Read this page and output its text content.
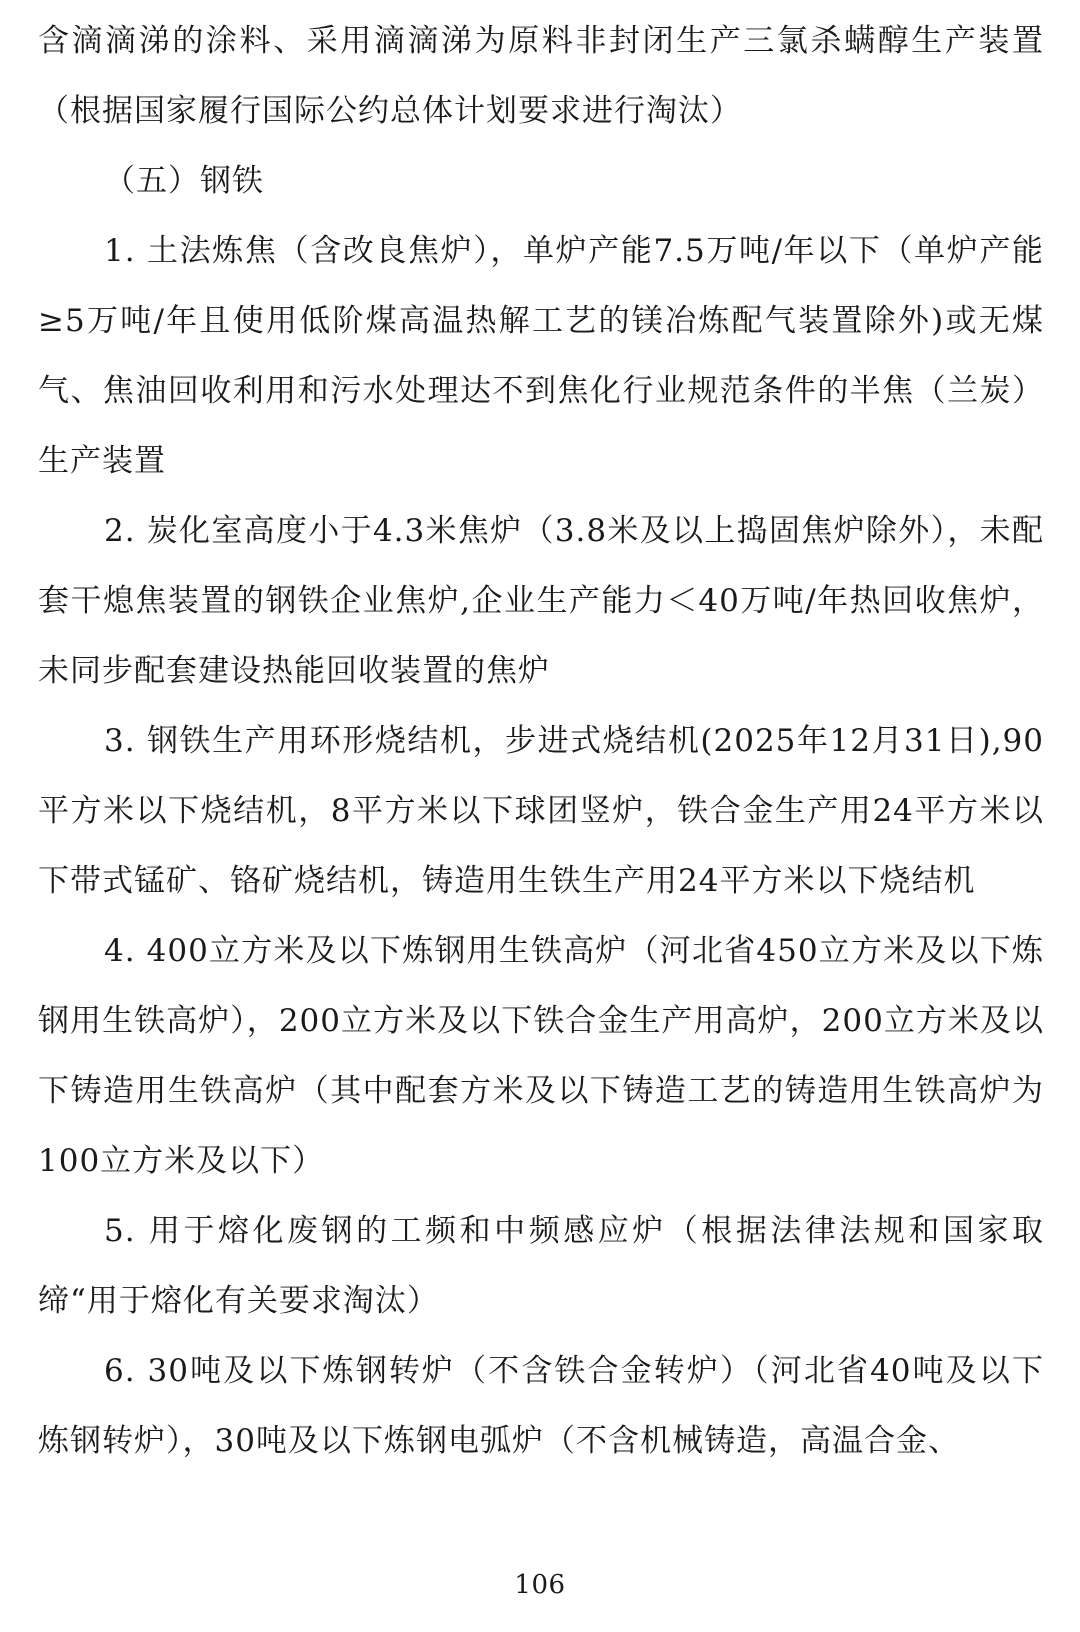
含滴滴涕的涂料、采用滴滴涕为原料非封闭生产三氯杀螨醇生产装置（根据国家履行国际公约总体计划要求进行淘汰）

（五）钢铁

1. 土法炼焦（含改良焦炉），单炉产能7.5万吨/年以下（单炉产能≥5万吨/年且使用低阶煤高温热解工艺的镁冶炼配气装置除外)或无煤气、焦油回收利用和污水处理达不到焦化行业规范条件的半焦（兰炭）生产装置

2. 炭化室高度小于4.3米焦炉（3.8米及以上捣固焦炉除外），未配套干熄焦装置的钢铁企业焦炉,企业生产能力＜40万吨/年热回收焦炉，未同步配套建设热能回收装置的焦炉

3. 钢铁生产用环形烧结机，步进式烧结机(2025年12月31日),90平方米以下烧结机，8平方米以下球团竖炉，铁合金生产用24平方米以下带式锰矿、铬矿烧结机，铸造用生铁生产用24平方米以下烧结机

4. 400立方米及以下炼钢用生铁高炉（河北省450立方米及以下炼钢用生铁高炉），200立方米及以下铁合金生产用高炉，200立方米及以下铸造用生铁高炉（其中配套方米及以下铸造工艺的铸造用生铁高炉为100立方米及以下）

5. 用于熔化废钢的工频和中频感应炉（根据法律法规和国家取缔“用于熔化有关要求淘汰）

6. 30吨及以下炼钢转炉（不含铁合金转炉）（河北省40吨及以下炼钢转炉），30吨及以下炼钢电弧炉（不含机械铸造，高温合金、

106
